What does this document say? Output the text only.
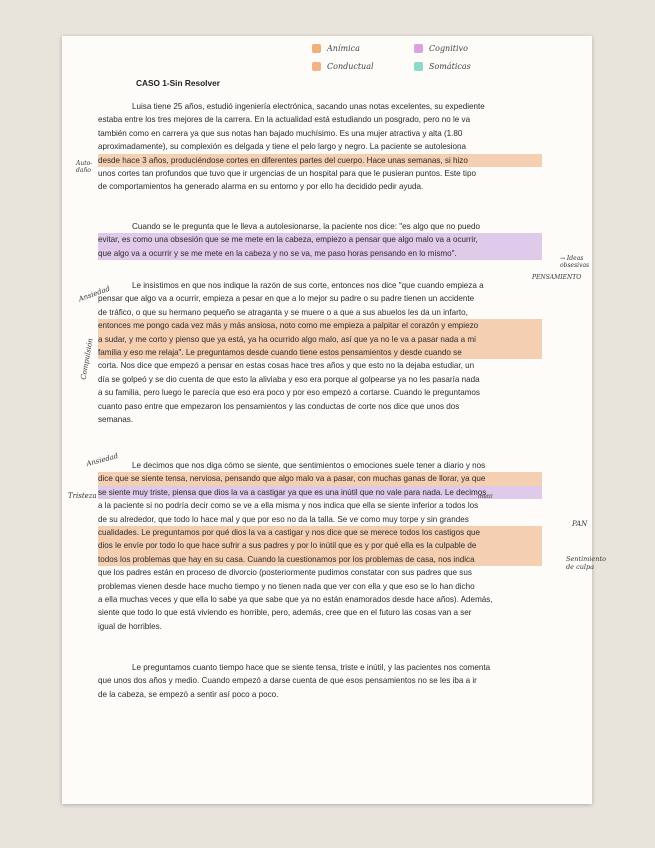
Anímica	Cognitivo
Conductual	Somáticas
CASO 1-Sin Resolver
Luisa tiene 25 años, estudió ingeniería electrónica, sacando unas notas excelentes, su expediente
estaba entre los tres mejores de la carrera. En la actualidad está estudiando un posgrado, pero no le va
también como en carrera ya que sus notas han bajado muchísimo. Es una mujer atractiva y alta (1.80
aproximadamente), su complexión es delgada y tiene el pelo largo y negro. La paciente se autolesiona
desde hace 3 años, produciéndose cortes en diferentes partes del cuerpo. Hace unas semanas, si hizo
unos cortes tan profundos que tuvo que ir urgencias de un hospital para que le pusieran puntos. Este tipo
de comportamientos ha generado alarma en su entorno y por ello ha decidido pedir ayuda.
Cuando se le pregunta que le lleva a autolesionarse, la paciente nos dice: "es algo que no puedo
evitar, es como una obsesión que se me mete en la cabeza, empiezo a pensar que algo malo va a ocurrir,
que algo va a ocurrir y se me mete en la cabeza y no se va, me paso horas pensando en lo mismo".
Le insistimos en que nos indique la razón de sus corte, entonces nos dice "que cuando empieza a
pensar que algo va a ocurrir, empieza a pesar en que a lo mejor su padre o su padre tienen un accidente
de tráfico, o que su hermano pequeño se atraganta y se muere o a que a sus abuelos les da un infarto,
entonces me pongo cada vez más y más ansiosa, noto como me empieza a palpitar el corazón y empiezo
a sudar, y me corto y pienso que ya está, ya ha ocurrido algo malo, así que ya no le va a pasar nada a mi
familia y eso me relaja". Le preguntamos desde cuando tiene estos pensamientos y desde cuando se
corta. Nos dice que empezó a pensar en estas cosas hace tres años y que esto no la dejaba estudiar, un
día se golpeó y se dio cuenta de que esto la aliviaba y eso era porque al golpearse ya no les pasaría nada
a su familia, pero luego le parecía que eso era poco y por eso empezó a cortarse. Cuando le preguntamos
cuanto paso entre que empezaron los pensamientos y las conductas de corte nos dice que unos dos
semanas.
Le decimos que nos diga cómo se siente, que sentimientos o emociones suele tener a diario y nos
dice que se siente tensa, nerviosa, pensando que algo malo va a pasar, con muchas ganas de llorar, ya que
se siente muy triste, piensa que dios la va a castigar ya que es una inútil que no vale para nada. Le decimos
a la paciente si no podría decir como se ve a ella misma y nos indica que ella se siente inferior a todos los
de su alrededor, que todo lo hace mal y que por eso no da la talla. Se ve como muy torpe y sin grandes
cualidades. Le preguntamos por qué dios la va a castigar y nos dice que se merece todos los castigos que
dios le envíe por todo lo que hace sufrir a sus padres y por lo inútil que es y por qué ella es la culpable de
todos los problemas que hay en su casa. Cuando la cuestionamos por los problemas de casa, nos indica
que los padres están en proceso de divorcio (posteriormente pudimos constatar con sus padres que sus
problemas vienen desde hace mucho tiempo y no tienen nada que ver con ella y que eso se lo han dicho
a ella muchas veces y que ella lo sabe ya que sabe que ya no están enamorados desde hace años). Además,
siente que todo lo que está viviendo es horrible, pero, además, cree que en el futuro las cosas van a ser
igual de horribles.
Le preguntamos cuanto tiempo hace que se siente tensa, triste e inútil, y las pacientes nos comenta
que unos dos años y medio. Cuando empezó a darse cuenta de que esos pensamientos no se les iba a ir
de la cabeza, se empezó a sentir así poco a poco.
Auto-daño
→ Ideas obsesivas
PENSAMIENTO
Ansiedad
Compulsión
Ansiedad
Tristeza
PAN
Sentimiento de culpa
inútil
